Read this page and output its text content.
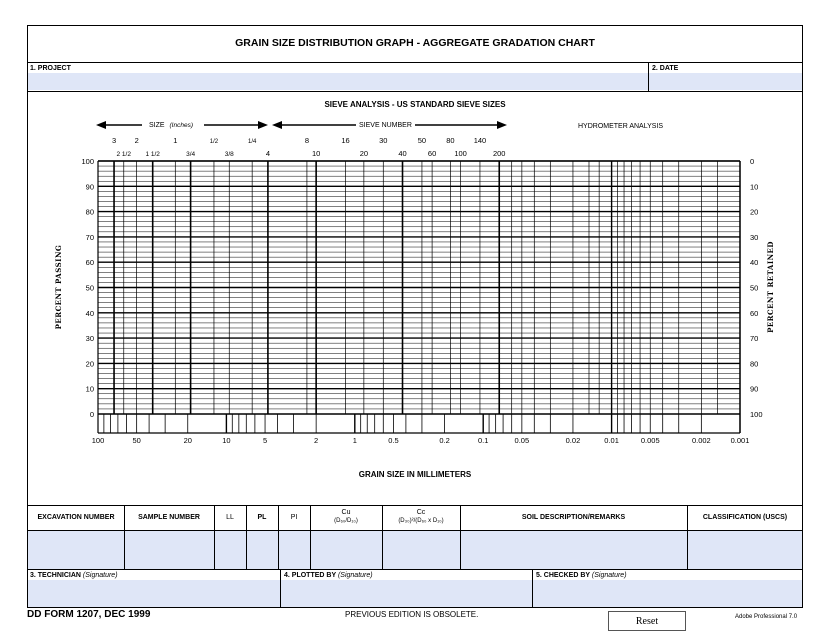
GRAIN SIZE DISTRIBUTION GRAPH - AGGREGATE GRADATION CHART
1. PROJECT	2. DATE
SIEVE ANALYSIS - US STANDARD SIEVE SIZES
SIZE (Inches)	SIEVE NUMBER	HYDROMETER ANALYSIS
3 2	1	1/2	1/4
2 1/2 1 1/2	3/4	3/8
8	16	30	50	80	140
4	10	20	40	60 100	200
100
90
80
70
60
50
40
30
20
10
0
0
10
20
30
40
50
60
70
80
90
100
100	50	20	10	5	2	1	0.5	0.2	0.1	0.05	0.02	0.01	0.005	0.002	0.001
PERCENT PASSING	PERCENT RETAINED
GRAIN SIZE IN MILLIMETERS
EXCAVATION NUMBER	SAMPLE NUMBER	LL	PL	PI
Cu
(D₆₀/D₁₀)
Cc
(D₃₀)²/(D₆₀ x D₁₀)	SOIL DESCRIPTION/REMARKS	CLASSIFICATION (USCS)
3. TECHNICIAN (Signature)	4. PLOTTED BY (Signature)	5. CHECKED BY (Signature)
DD FORM 1207, DEC 1999	PREVIOUS EDITION IS OBSOLETE.
Reset	Adobe Professional 7.0
